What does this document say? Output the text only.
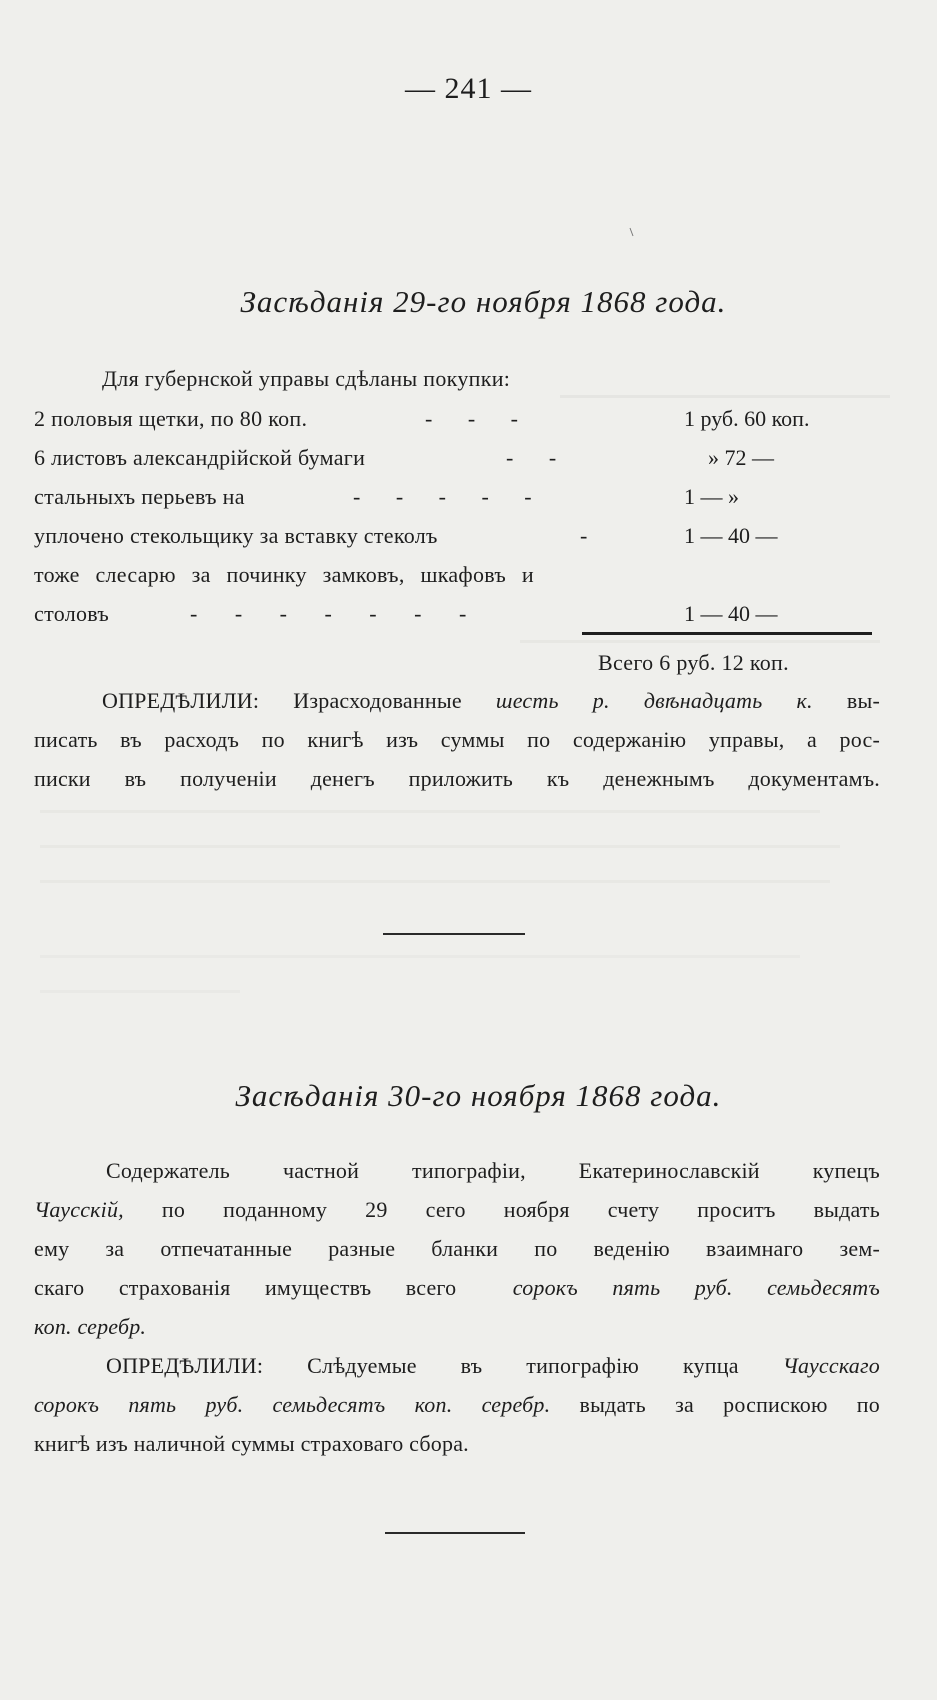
— 241 —
Засѣданія 29-го ноября 1868 года.
Для губернской управы сдѣланы покупки:
2 половыя щетки, по 80 коп.	- - -	1 руб. 60 коп.
6 листовъ александрійской бумаги	- -	» 72 —
стальныхъ перьевъ на	- - - - -	1 — »
уплочено стекольщику за вставку стеколъ	-	1 — 40 —
тоже слесарю за починку замковъ, шкафовъ и
столовъ	- - - - - - -	1 — 40 —
Всего 6 руб. 12 коп.
ОПРЕДѢЛИЛИ: Израсходованные шесть р. двѣнадцать к. вы-
писать въ расходъ по книгѣ изъ суммы по содержанію управы, а рос-
писки въ полученіи денегъ приложить къ денежнымъ документамъ.
Засѣданія 30-го ноября 1868 года.
Содержатель частной типографіи, Екатеринославскій купецъ
Чаусскій, по поданному 29 сего ноября счету проситъ выдать
ему за отпечатанные разные бланки по веденію взаимнаго зем-
скаго страхованія имуществъ всего сорокъ пять руб. семьдесятъ
коп. серебр.
ОПРЕДѢЛИЛИ: Слѣдуемые въ типографію купца Чаусскаго
сорокъ пять руб. семьдесятъ коп. серебр. выдать за роспискою по
книгѣ изъ наличной суммы страховаго сбора.
